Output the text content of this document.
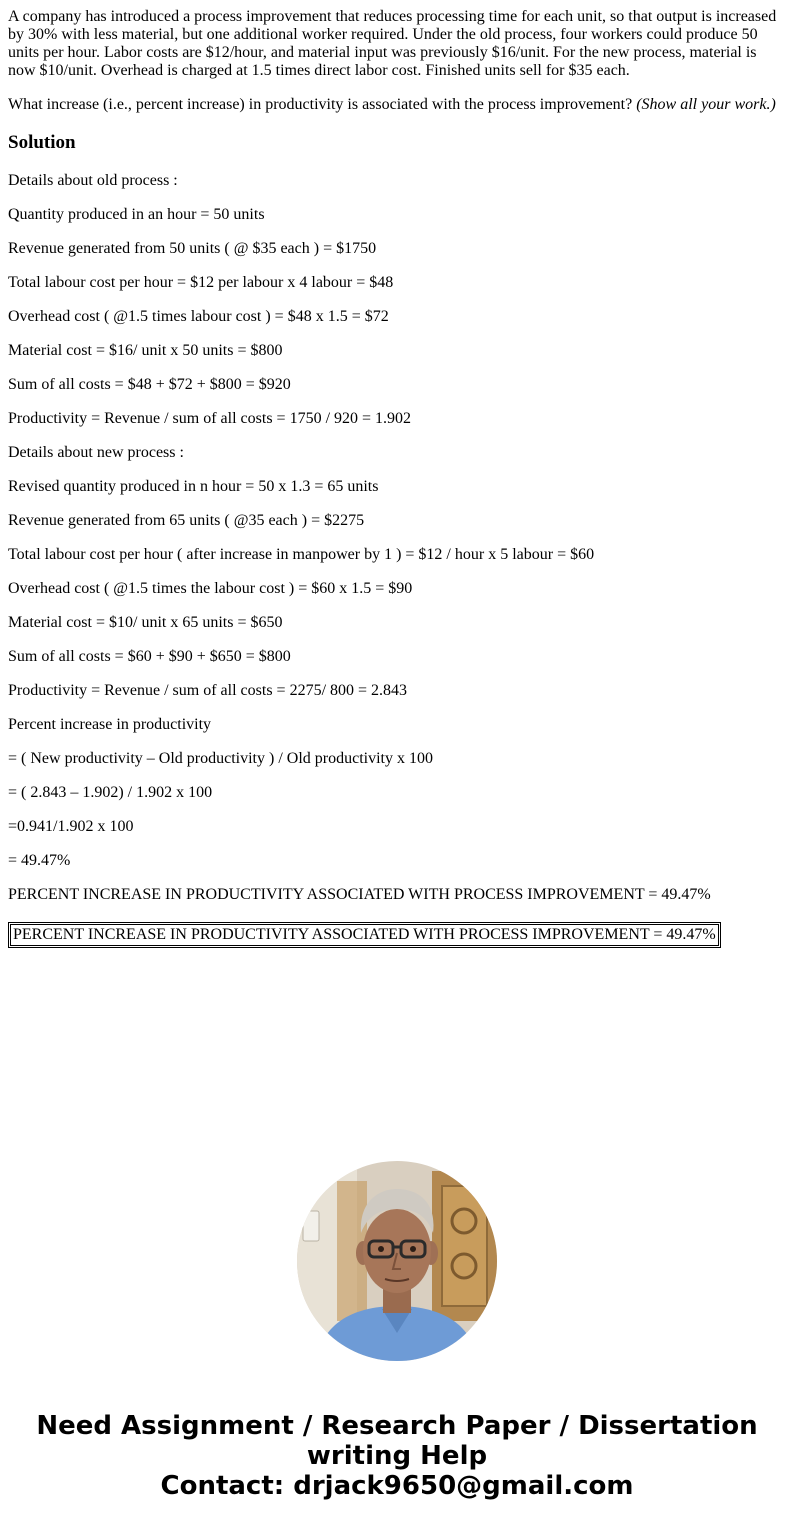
A company has introduced a process improvement that reduces processing time for each unit, so that output is increased by 30% with less material, but one additional worker required. Under the old process, four workers could produce 50 units per hour. Labor costs are $12/hour, and material input was previously $16/unit. For the new process, material is now $10/unit. Overhead is charged at 1.5 times direct labor cost. Finished units sell for $35 each.

What increase (i.e., percent increase) in productivity is associated with the process improvement? (Show all your work.)

Solution

Details about old process :

Quantity produced in an hour = 50 units

Revenue generated from 50 units ( @ $35 each ) = $1750

Total labour cost per hour = $12 per labour x 4 labour = $48

Overhead cost ( @1.5 times labour cost ) = $48 x 1.5 = $72

Material cost = $16/ unit x 50 units = $800

Sum of all costs = $48 + $72 + $800 = $920

Productivity = Revenue / sum of all costs = 1750 / 920 = 1.902

Details about new process :

Revised quantity produced in n hour = 50 x 1.3 = 65 units

Revenue generated from 65 units ( @35 each ) = $2275

Total labour cost per hour ( after increase in manpower by 1 ) = $12 / hour x 5 labour = $60

Overhead cost ( @1.5 times the labour cost ) = $60 x 1.5 = $90

Material cost = $10/ unit x 65 units = $650

Sum of all costs = $60 + $90 + $650 = $800

Productivity = Revenue / sum of all costs = 2275/ 800 = 2.843

Percent increase in productivity

= ( New productivity – Old productivity ) / Old productivity x 100

= ( 2.843 – 1.902) / 1.902 x 100

=0.941/1.902 x 100

= 49.47%

PERCENT INCREASE IN PRODUCTIVITY ASSOCIATED WITH PROCESS IMPROVEMENT = 49.47%

PERCENT INCREASE IN PRODUCTIVITY ASSOCIATED WITH PROCESS IMPROVEMENT = 49.47%
Need Assignment / Research Paper / Dissertation
writing Help
Contact: drjack9650@gmail.com
